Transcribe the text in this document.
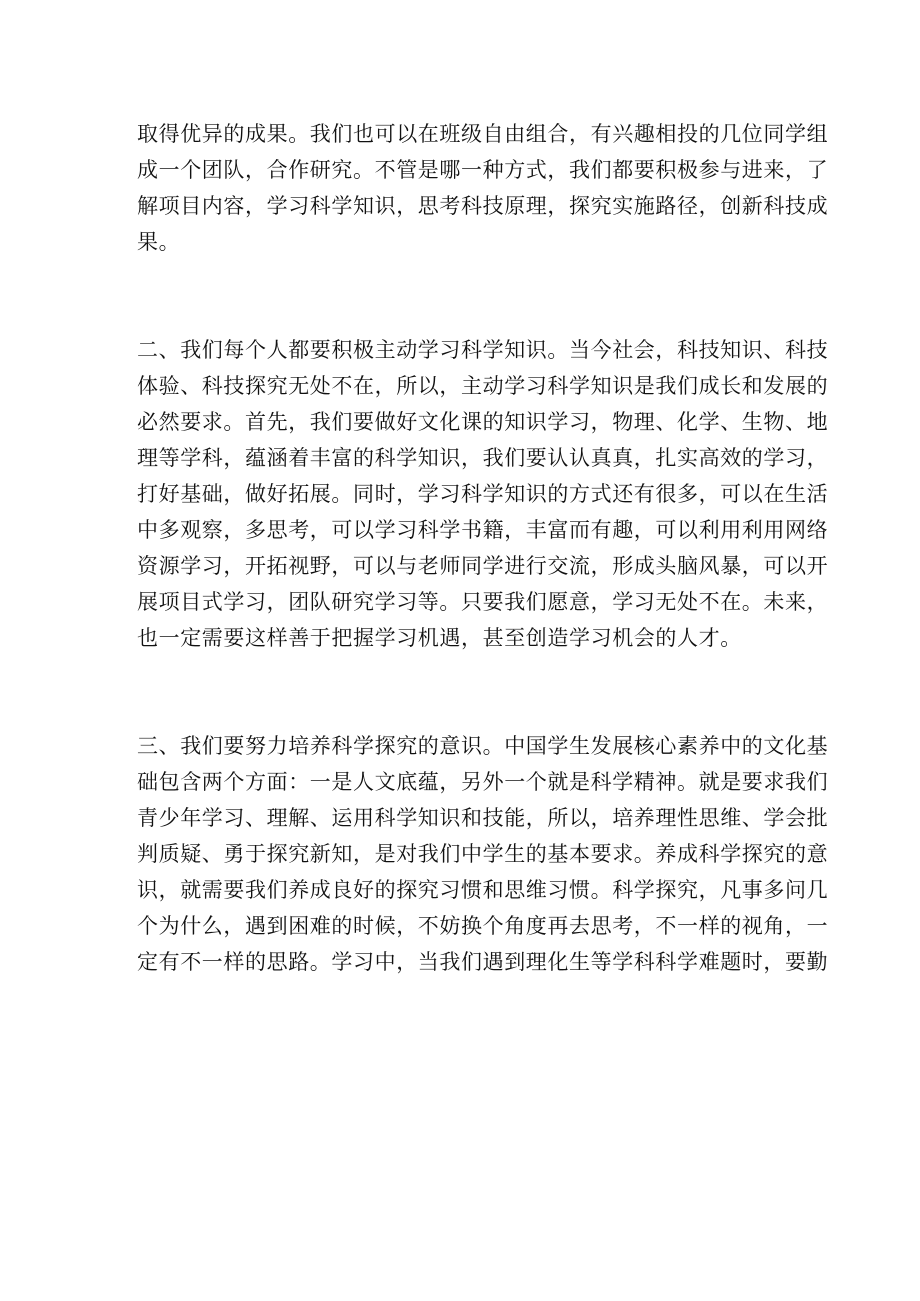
取得优异的成果。我们也可以在班级自由组合，有兴趣相投的几位同学组
成一个团队，合作研究。不管是哪一种方式，我们都要积极参与进来，了
解项目内容，学习科学知识，思考科技原理，探究实施路径，创新科技成
果。
二、我们每个人都要积极主动学习科学知识。当今社会，科技知识、科技
体验、科技探究无处不在，所以，主动学习科学知识是我们成长和发展的
必然要求。首先，我们要做好文化课的知识学习，物理、化学、生物、地
理等学科，蕴涵着丰富的科学知识，我们要认认真真，扎实高效的学习，
打好基础，做好拓展。同时，学习科学知识的方式还有很多，可以在生活
中多观察，多思考，可以学习科学书籍，丰富而有趣，可以利用利用网络
资源学习，开拓视野，可以与老师同学进行交流，形成头脑风暴，可以开
展项目式学习，团队研究学习等。只要我们愿意，学习无处不在。未来，
也一定需要这样善于把握学习机遇，甚至创造学习机会的人才。
三、我们要努力培养科学探究的意识。中国学生发展核心素养中的文化基
础包含两个方面：一是人文底蕴，另外一个就是科学精神。就是要求我们
青少年学习、理解、运用科学知识和技能，所以，培养理性思维、学会批
判质疑、勇于探究新知，是对我们中学生的基本要求。养成科学探究的意
识，就需要我们养成良好的探究习惯和思维习惯。科学探究，凡事多问几
个为什么，遇到困难的时候，不妨换个角度再去思考，不一样的视角，一
定有不一样的思路。学习中，当我们遇到理化生等学科科学难题时，要勤
